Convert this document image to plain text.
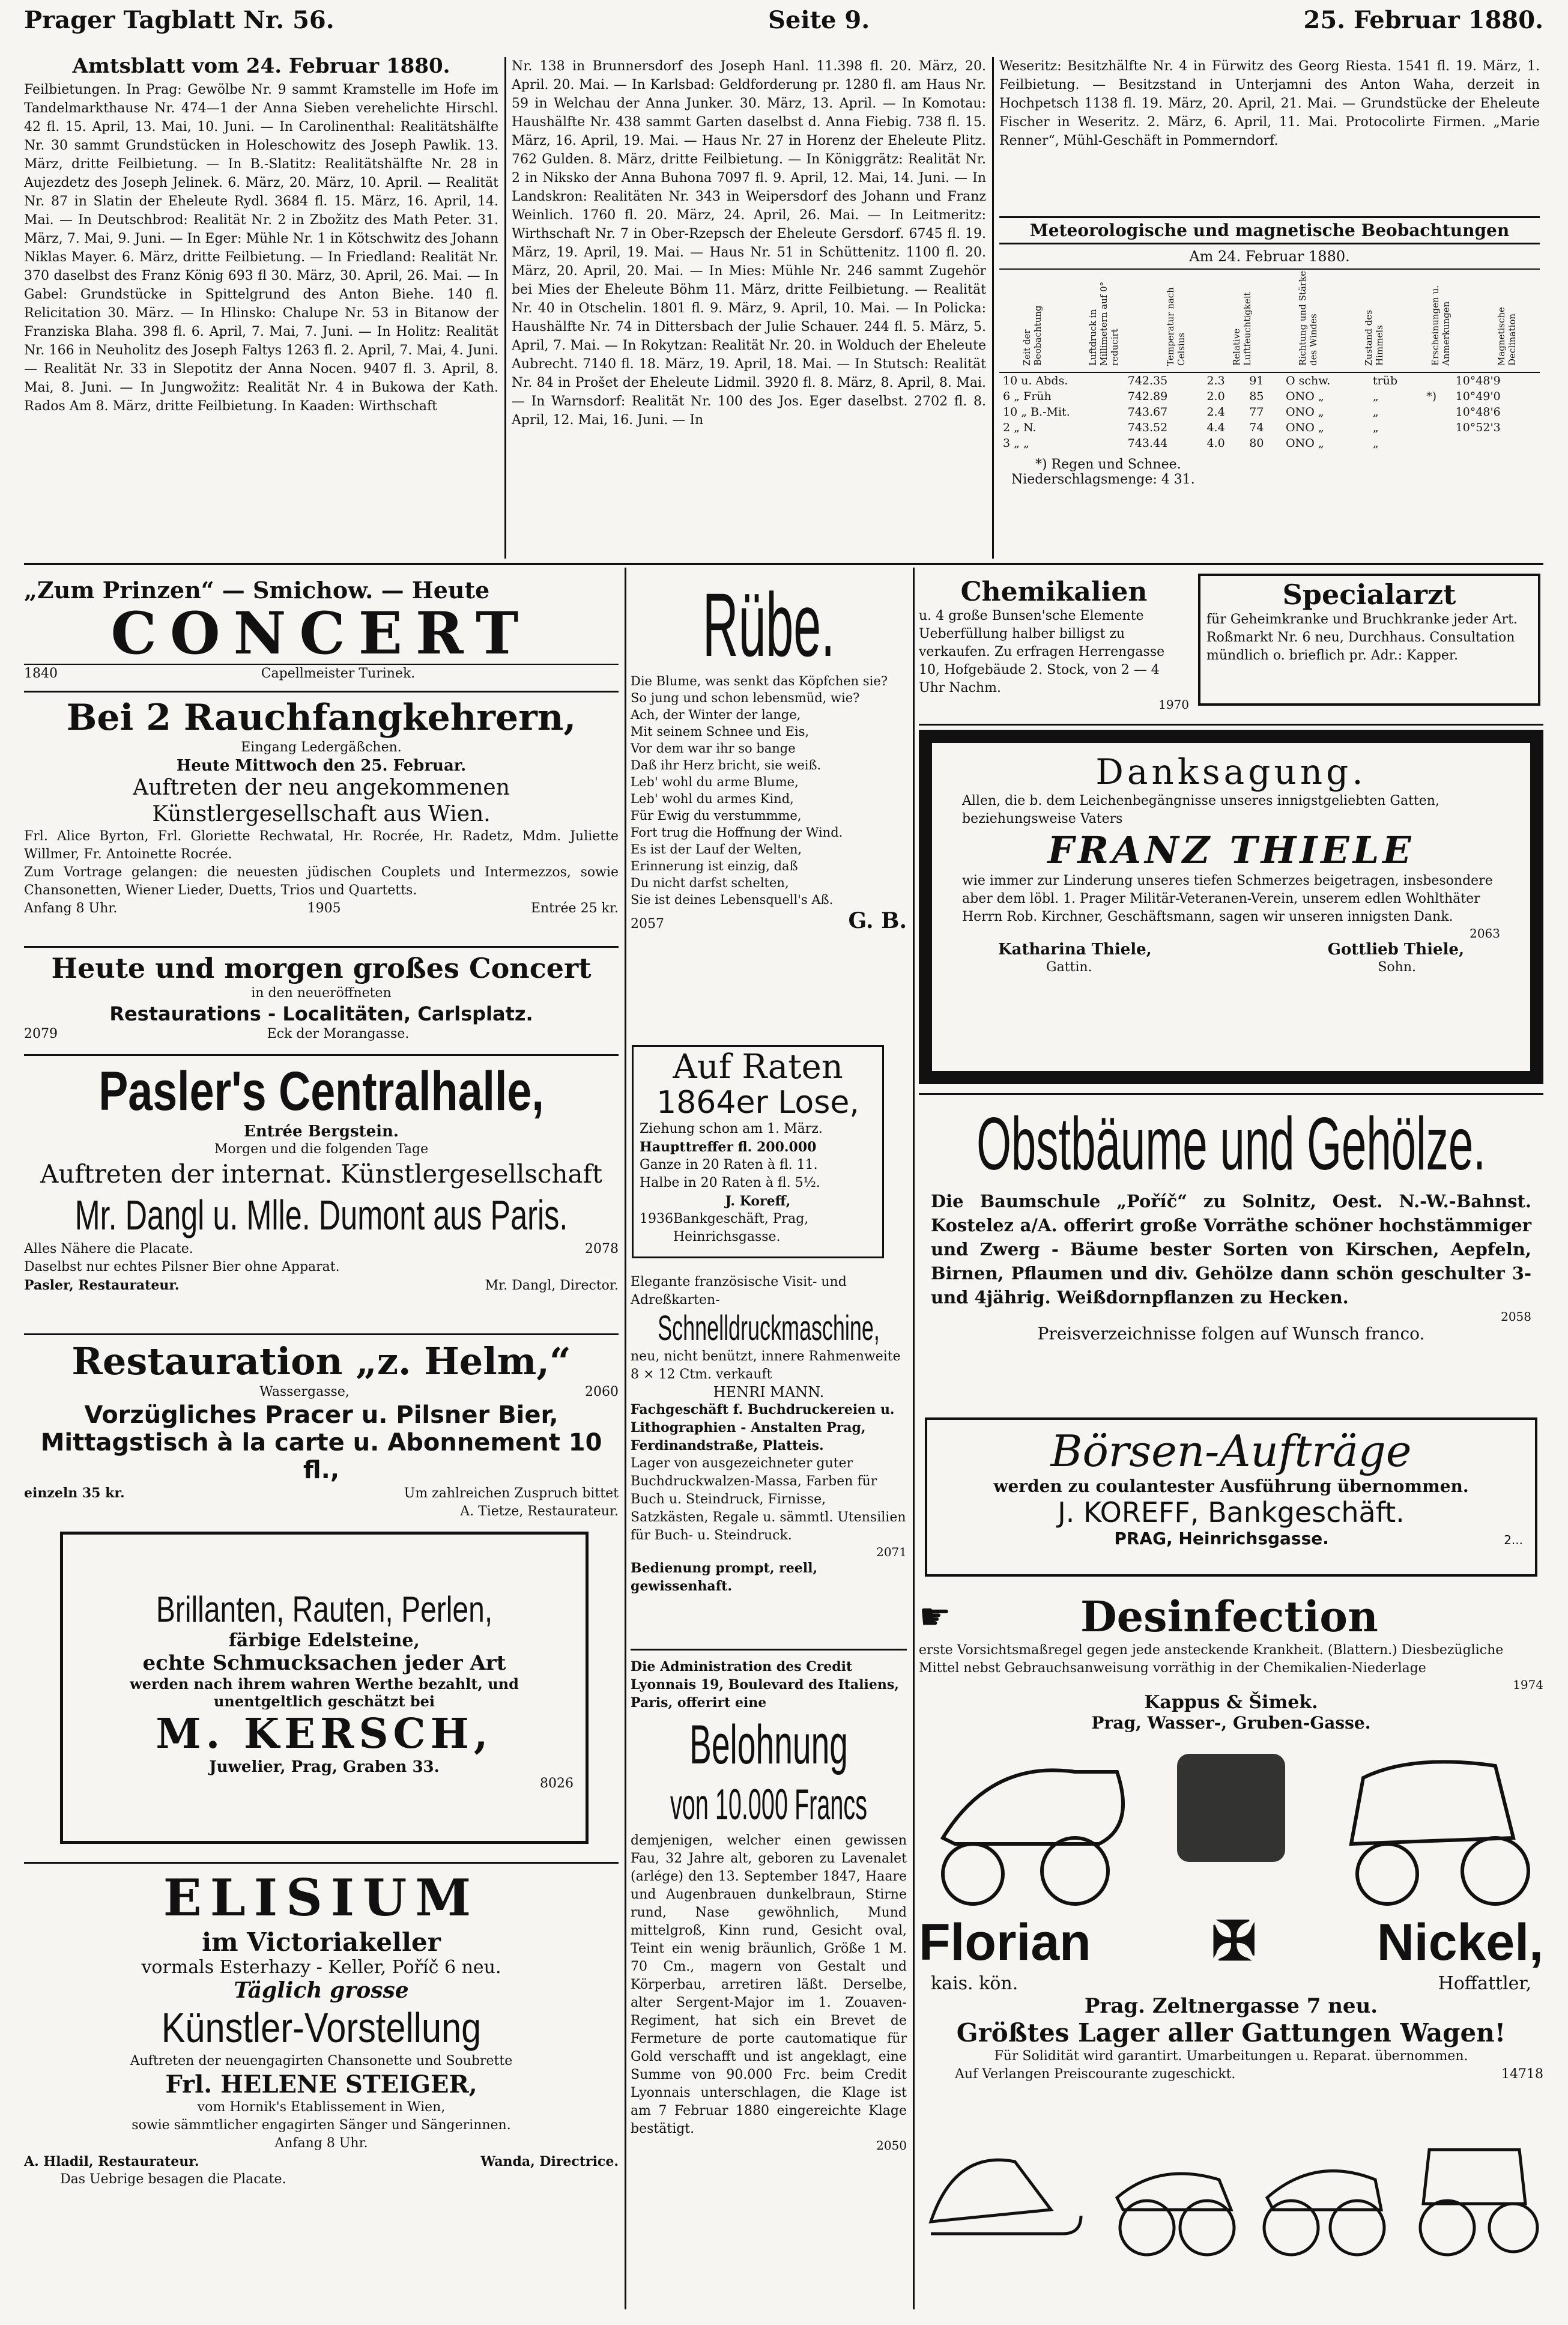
Prager Tagblatt Nr. 56.	Seite 9.	25. Februar 1880.
Amtsblatt vom 24. Februar 1880.

Feilbietungen. In Prag: Gewölbe Nr. 9 sammt Kramstelle im Hofe im Tandelmarkthause Nr. 474—1 der Anna Sieben verehelichte Hirschl. 42 fl. 15. April, 13. Mai, 10. Juni. — In Carolinenthal: Realitätshälfte Nr. 30 sammt Grundstücken in Holeschowitz des Joseph Pawlik. 13. März, dritte Feilbietung. — In B.-Slatitz: Realitätshälfte Nr. 28 in Aujezdetz des Joseph Jelinek. 6. März, 20. März, 10. April. — Realität Nr. 87 in Slatin der Eheleute Rydl. 3684 fl. 15. März, 16. April, 14. Mai. — In Deutschbrod: Realität Nr. 2 in Zbožitz des Math Peter. 31. März, 7. Mai, 9. Juni. — In Eger: Mühle Nr. 1 in Kötschwitz des Johann Niklas Mayer. 6. März, dritte Feilbietung. — In Friedland: Realität Nr. 370 daselbst des Franz König 693 fl 30. März, 30. April, 26. Mai. — In Gabel: Grundstücke in Spittelgrund des Anton Biehe. 140 fl. Relicitation 30. März. — In Hlinsko: Chalupe Nr. 53 in Bitanow der Franziska Blaha. 398 fl. 6. April, 7. Mai, 7. Juni. — In Holitz: Realität Nr. 166 in Neuholitz des Joseph Faltys 1263 fl. 2. April, 7. Mai, 4. Juni. — Realität Nr. 33 in Slepotitz der Anna Nocen. 9407 fl. 3. April, 8. Mai, 8. Juni. — In Jungwožitz: Realität Nr. 4 in Bukowa der Kath. Rados Am 8. März, dritte Feilbietung. In Kaaden: Wirthschaft

Nr. 138 in Brunnersdorf des Joseph Hanl. 11.398 fl. 20. März, 20. April. 20. Mai. — In Karlsbad: Geldforderung pr. 1280 fl. am Haus Nr. 59 in Welchau der Anna Junker. 30. März, 13. April. — In Komotau: Haushälfte Nr. 438 sammt Garten daselbst d. Anna Fiebig. 738 fl. 15. März, 16. April, 19. Mai. — Haus Nr. 27 in Horenz der Eheleute Plitz. 762 Gulden. 8. März, dritte Feilbietung. — In Königgrätz: Realität Nr. 2 in Niksko der Anna Buhona 7097 fl. 9. April, 12. Mai, 14. Juni. — In Landskron: Realitäten Nr. 343 in Weipersdorf des Johann und Franz Weinlich. 1760 fl. 20. März, 24. April, 26. Mai. — In Leitmeritz: Wirthschaft Nr. 7 in Ober-Rzepsch der Eheleute Gersdorf. 6745 fl. 19. März, 19. April, 19. Mai. — Haus Nr. 51 in Schüttenitz. 1100 fl. 20. März, 20. April, 20. Mai. — In Mies: Mühle Nr. 246 sammt Zugehör bei Mies der Eheleute Böhm 11. März, dritte Feilbietung. — Realität Nr. 40 in Otschelin. 1801 fl. 9. März, 9. April, 10. Mai. — In Policka: Haushälfte Nr. 74 in Dittersbach der Julie Schauer. 244 fl. 5. März, 5. April, 7. Mai. — In Rokytzan: Realität Nr. 20. in Wolduch der Eheleute Aubrecht. 7140 fl. 18. März, 19. April, 18. Mai. — In Stutsch: Realität Nr. 84 in Prošet der Eheleute Lidmil. 3920 fl. 8. März, 8. April, 8. Mai. — In Warnsdorf: Realität Nr. 100 des Jos. Eger daselbst. 2702 fl. 8. April, 12. Mai, 16. Juni. — In

Weseritz: Besitzhälfte Nr. 4 in Fürwitz des Georg Riesta. 1541 fl. 19. März, 1. Feilbietung. — Besitzstand in Unterjamni des Anton Waha, derzeit in Hochpetsch 1138 fl. 19. März, 20. April, 21. Mai. — Grundstücke der Eheleute Fischer in Weseritz. 2. März, 6. April, 11. Mai. Protocolirte Firmen. „Marie Renner“, Mühl-Geschäft in Pommerndorf.

Meteorologische und magnetische Beobachtungen
Am 24. Februar 1880.
Zeit der Beobachtung	Luftdruck in Millimetern auf 0° reducirt	Temperatur nach Celsius	Relative Luftfeuchtigkeit	Richtung und Stärke des Windes	Zustand des Himmels	Erscheinungen u. Anmerkungen	Magnetische Declination
10 u. Abds.	742.35	2.3	91	O schw.	trüb		10°48'9
6 „ Früh	742.89	2.0	85	ONO „	„	*)	10°49'0
10 „ B.-Mit.	743.67	2.4	77	ONO „	„		10°48'6
2 „ N.	743.52	4.4	74	ONO „	„		10°52'3
3 „ „	743.44	4.0	80	ONO „	„		
*) Regen und Schnee.
Niederschlagsmenge: 4 31.
„Zum Prinzen“ — Smichow. — Heute
CONCERT
1840	Capellmeister Turinek.
Bei 2 Rauchfangkehrern,
Eingang Ledergäßchen.
Heute Mittwoch den 25. Februar.
Auftreten der neu angekommenen Künstlergesellschaft aus Wien.
Frl. Alice Byrton, Frl. Gloriette Rechwatal, Hr. Rocrée, Hr. Radetz, Mdm. Juliette Willmer, Fr. Antoinette Rocrée.
Zum Vortrage gelangen: die neuesten jüdischen Couplets und Intermezzos, sowie Chansonetten, Wiener Lieder, Duetts, Trios und Quartetts.
Anfang 8 Uhr.	1905	Entrée 25 kr.
Heute und morgen großes Concert
in den neueröffneten
Restaurations - Localitäten, Carlsplatz.
2079	Eck der Morangasse.
Pasler's Centralhalle,
Entrée Bergstein.
Morgen und die folgenden Tage
Auftreten der internat. Künstlergesellschaft
Mr. Dangl u. Mlle. Dumont aus Paris.
Alles Nähere die Placate.	2078
Daselbst nur echtes Pilsner Bier ohne Apparat.
Pasler, Restaurateur.	Mr. Dangl, Director.
Restauration „z. Helm,“
Wassergasse,	2060
Vorzügliches Pracer u. Pilsner Bier,
Mittagstisch à la carte u. Abonnement 10 fl.,
einzeln 35 kr.	Um zahlreichen Zuspruch bittet
A. Tietze, Restaurateur.
Brillanten, Rauten, Perlen,
färbige Edelsteine,
echte Schmucksachen jeder Art
werden nach ihrem wahren Werthe bezahlt, und unentgeltlich geschätzt bei
M. KERSCH,
Juwelier, Prag, Graben 33.
8026
ELISIUM
im Victoriakeller
vormals Esterhazy - Keller, Poříč 6 neu.
Täglich grosse
Künstler-Vorstellung
Auftreten der neuengagirten Chansonette und Soubrette
Frl. HELENE STEIGER,
vom Hornik's Etablissement in Wien,
sowie sämmtlicher engagirten Sänger und Sängerinnen.
Anfang 8 Uhr.
A. Hladil, Restaurateur.	Wanda, Directrice.
Das Uebrige besagen die Placate.
Rübe.
Die Blume, was senkt das Köpfchen sie?
So jung und schon lebensmüd, wie?
Ach, der Winter der lange,
Mit seinem Schnee und Eis,
Vor dem war ihr so bange
Daß ihr Herz bricht, sie weiß.
Leb' wohl du arme Blume,
Leb' wohl du armes Kind,
Für Ewig du verstummme,
Fort trug die Hoffnung der Wind.
Es ist der Lauf der Welten,
Erinnerung ist einzig, daß
Du nicht darfst schelten,
Sie ist deines Lebensquell's Aß.
2057	G. B.
Auf Raten
1864er Lose,
Ziehung schon am 1. März.
Haupttreffer fl. 200.000
Ganze in 20 Raten à fl. 11.
Halbe in 20 Raten à fl. 5½.
J. Koreff,
1936 Bankgeschäft, Prag, Heinrichsgasse.
Elegante französische Visit- und Adreßkarten-
Schnelldruckmaschine,
neu, nicht benützt, innere Rahmenweite 8 × 12 Ctm. verkauft
HENRI MANN.
Fachgeschäft f. Buchdruckereien u. Lithographien - Anstalten Prag, Ferdinandstraße, Platteis.
Lager von ausgezeichneter guter Buchdruckwalzen-Massa, Farben für Buch u. Steindruck, Firnisse, Satzkästen, Regale u. sämmtl. Utensilien für Buch- u. Steindruck.
2071
Bedienung prompt, reell, gewissenhaft.
Die Administration des Credit Lyonnais 19, Boulevard des Italiens, Paris, offerirt eine
Belohnung
von 10.000 Francs
demjenigen, welcher einen gewissen Fau, 32 Jahre alt, geboren zu Lavenalet (arlége) den 13. September 1847, Haare und Augenbrauen dunkelbraun, Stirne rund, Nase gewöhnlich, Mund mittelgroß, Kinn rund, Gesicht oval, Teint ein wenig bräunlich, Größe 1 M. 70 Cm., magern von Gestalt und Körperbau, arretiren läßt. Derselbe, alter Sergent-Major im 1. Zouaven-Regiment, hat sich ein Brevet de Fermeture de porte cautomatique für Gold verschafft und ist angeklagt, eine Summe von 90.000 Frc. beim Credit Lyonnais unterschlagen, die Klage ist am 7 Februar 1880 eingereichte Klage bestätigt.
2050
Chemikalien
u. 4 große Bunsen'sche Elemente Ueberfüllung halber billigst zu verkaufen. Zu erfragen Herrengasse 10, Hofgebäude 2. Stock, von 2 — 4 Uhr Nachm.
1970
Specialarzt
für Geheimkranke und Bruchkranke jeder Art. Roßmarkt Nr. 6 neu, Durchhaus. Consultation mündlich o. brieflich pr. Adr.: Kapper.
Danksagung.
Allen, die b. dem Leichenbegängnisse unseres innigstgeliebten Gatten, beziehungsweise Vaters
FRANZ THIELE
wie immer zur Linderung unseres tiefen Schmerzes beigetragen, insbesondere aber dem löbl. 1. Prager Militär-Veteranen-Verein, unserem edlen Wohlthäter Herrn Rob. Kirchner, Geschäftsmann, sagen wir unseren innigsten Dank.
2063
Katharina Thiele,	Gottlieb Thiele,
Gattin.	Sohn.
Obstbäume und Gehölze.
Die Baumschule „Poříč“ zu Solnitz, Oest. N.-W.-Bahnst. Kostelez a/A. offerirt große Vorräthe schöner hochstämmiger und Zwerg - Bäume bester Sorten von Kirschen, Aepfeln, Birnen, Pflaumen und div. Gehölze dann schön geschulter 3- und 4jährig. Weißdornpflanzen zu Hecken.
2058
Preisverzeichnisse folgen auf Wunsch franco.
Börsen-Aufträge
werden zu coulantester Ausführung übernommen.
J. KOREFF, Bankgeschäft.
PRAG, Heinrichsgasse.	2...
☛	Desinfection
erste Vorsichtsmaßregel gegen jede ansteckende Krankheit. (Blattern.) Diesbezügliche Mittel nebst Gebrauchsanweisung vorräthig in der Chemikalien-Niederlage
1974
Kappus & Šimek.
Prag, Wasser-, Gruben-Gasse.
Florian ✠ Nickel,
kais. kön.	Hoffattler,
Prag. Zeltnergasse 7 neu.
Größtes Lager aller Gattungen Wagen!
Für Solidität wird garantirt. Umarbeitungen u. Reparat. übernommen.
Auf Verlangen Preiscourante zugeschickt.	14718
